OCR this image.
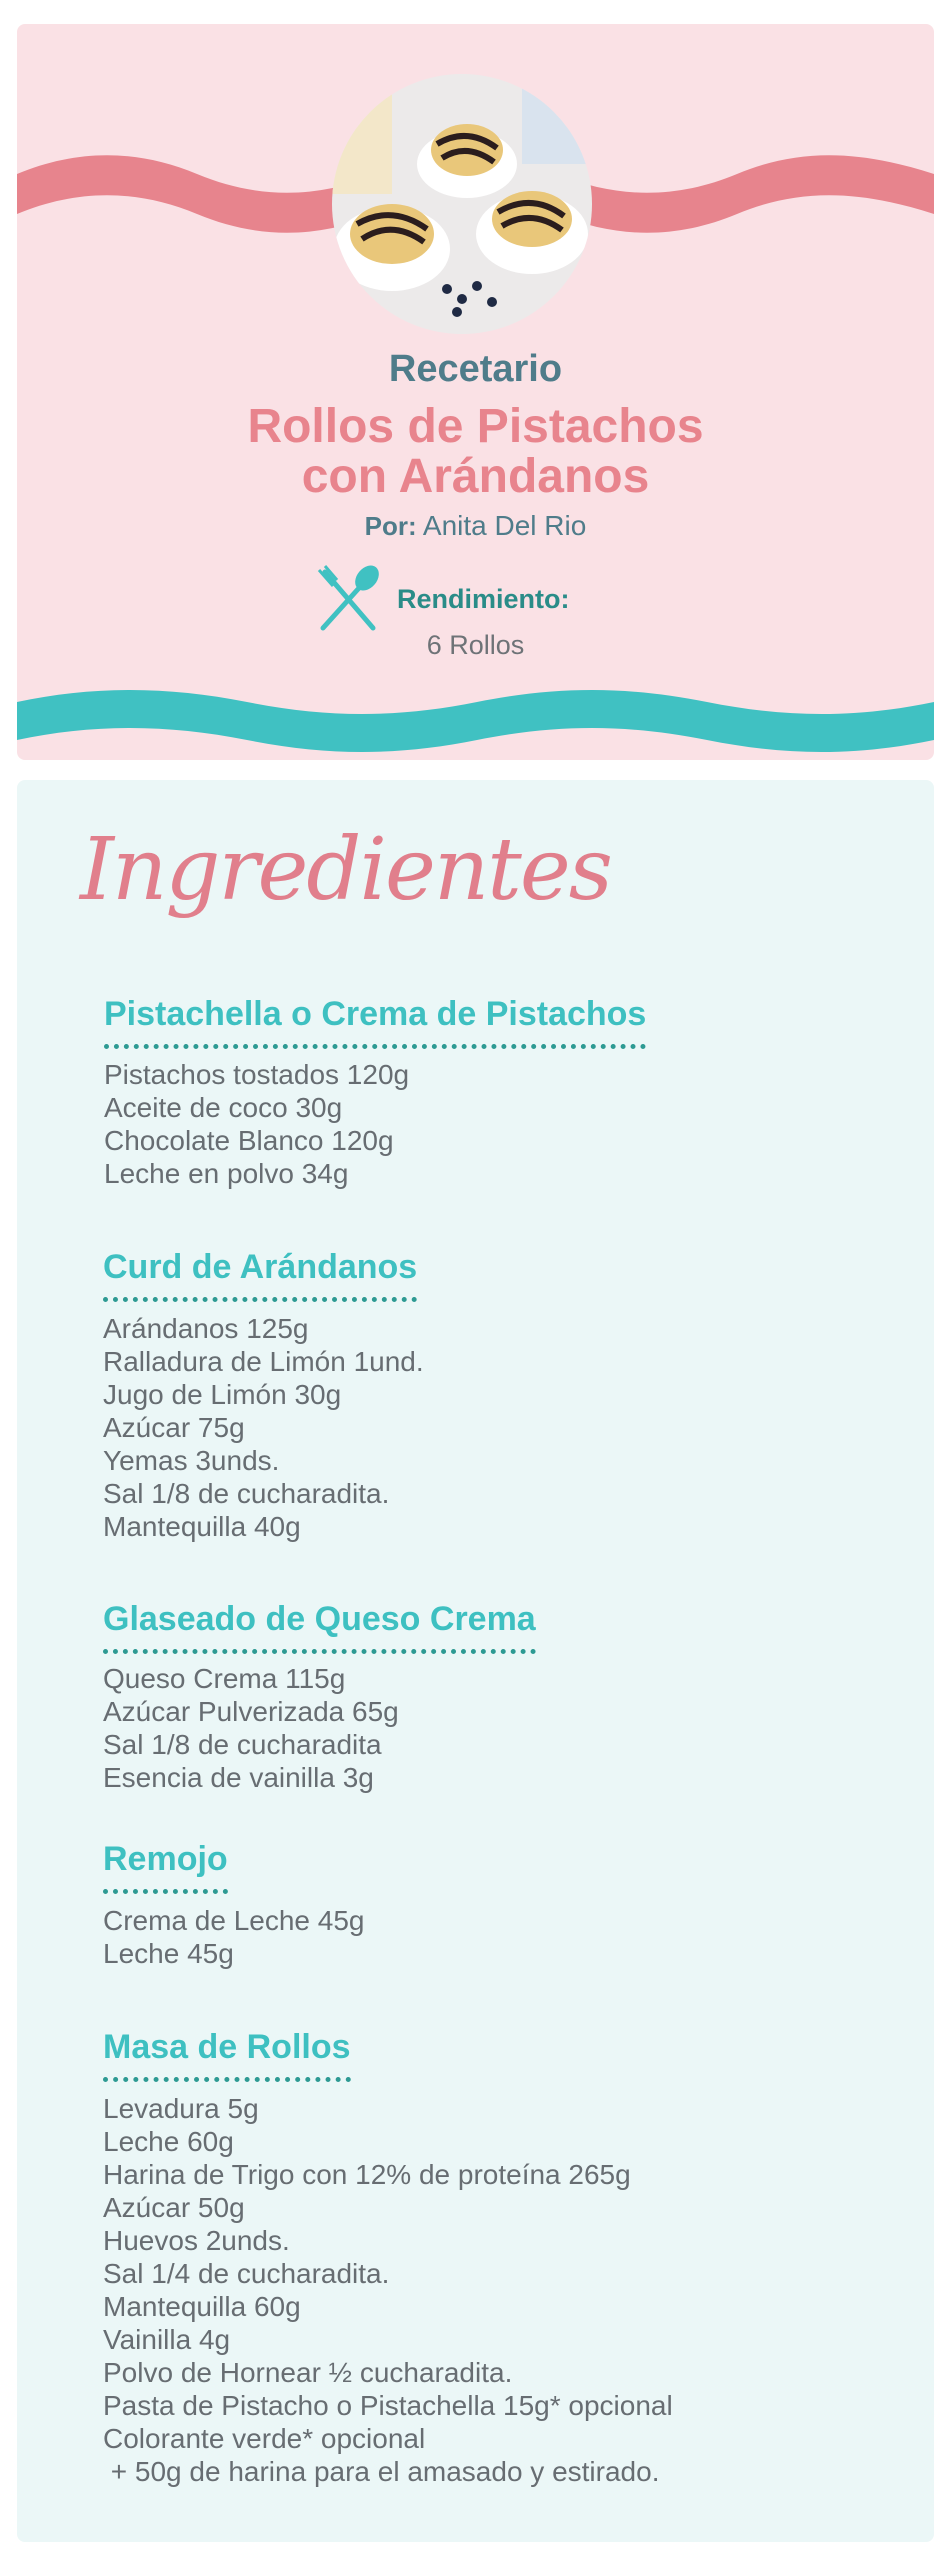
Recetario
Rollos de Pistachos
con Arándanos
Por: Anita Del Rio
Rendimiento:
6 Rollos
Ingredientes
Pistachella o Crema de Pistachos
Pistachos tostados 120g
Aceite de coco 30g
Chocolate Blanco 120g
Leche en polvo 34g
Curd de Arándanos
Arándanos 125g
Ralladura de Limón 1und.
Jugo de Limón 30g
Azúcar 75g
Yemas 3unds.
Sal 1/8 de cucharadita.
Mantequilla 40g
Glaseado de Queso Crema
Queso Crema 115g
Azúcar Pulverizada 65g
Sal 1/8 de cucharadita
Esencia de vainilla 3g
Remojo
Crema de Leche 45g
Leche 45g
Masa de Rollos
Levadura 5g
Leche 60g
Harina de Trigo con 12% de proteína 265g
Azúcar 50g
Huevos 2unds.
Sal 1/4 de cucharadita.
Mantequilla 60g
Vainilla 4g
Polvo de Hornear ½ cucharadita.
Pasta de Pistacho o Pistachella 15g* opcional
Colorante verde* opcional
+ 50g de harina para el amasado y estirado.
